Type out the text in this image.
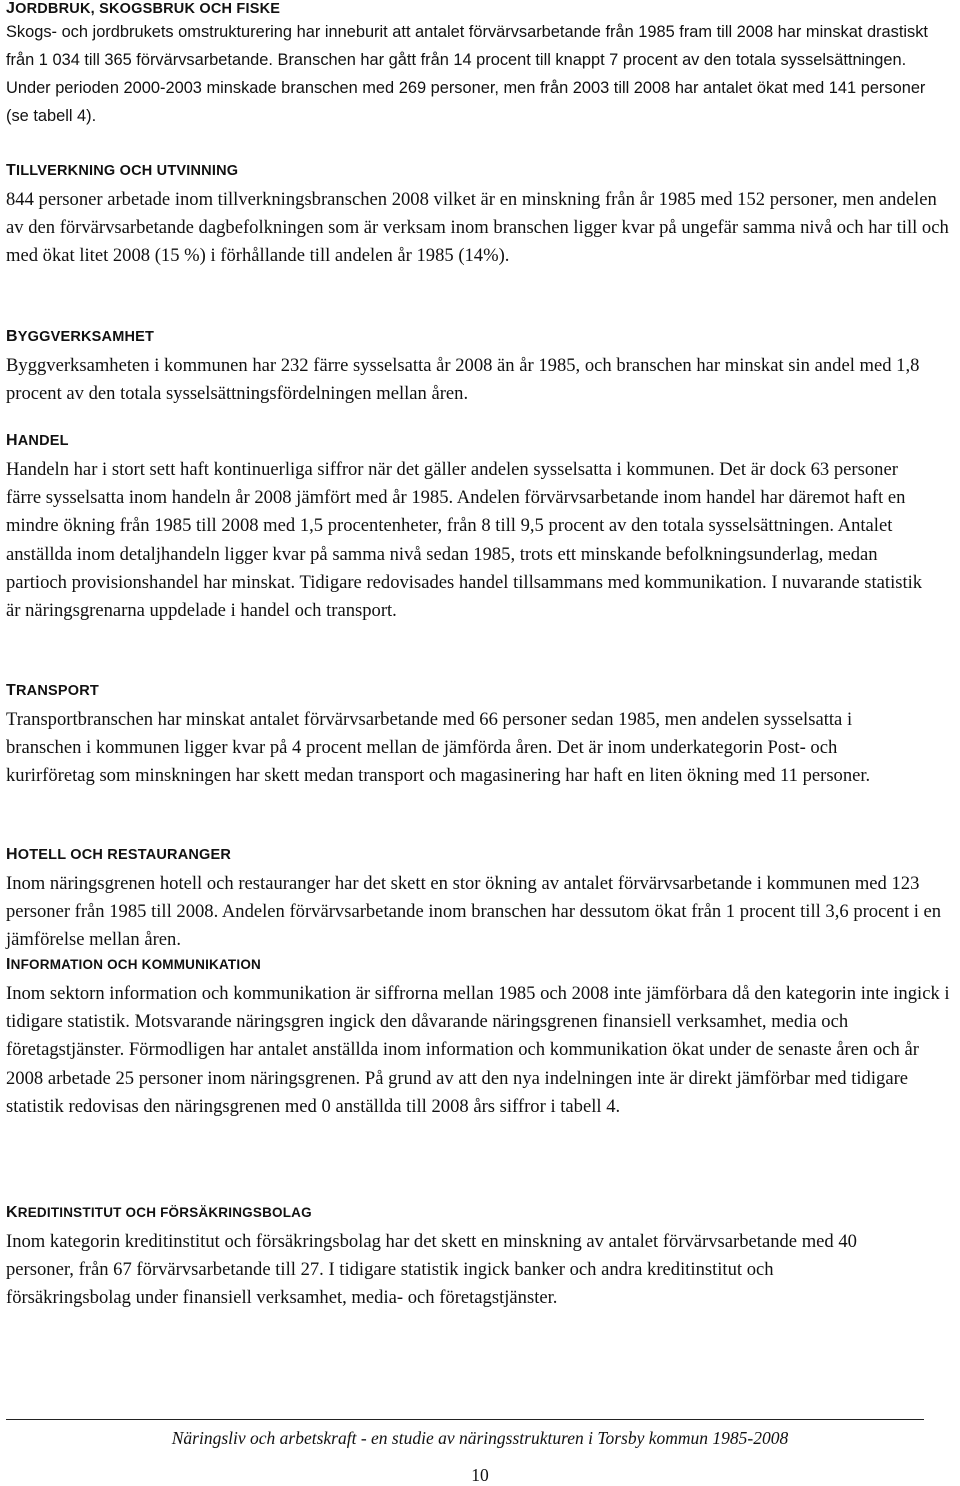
JORDBRUK, SKOGSBRUK OCH FISKE

Skogs- och jordbrukets omstrukturering har inneburit att antalet förvärvsarbetande från 1985 fram till 2008 har minskat drastiskt från 1 034 till 365 förvärvsarbetande. Branschen har gått från 14 procent till knappt 7 procent av den totala sysselsättningen. Under perioden 2000-2003 minskade branschen med 269 personer, men från 2003 till 2008 har antalet ökat med 141 personer (se tabell 4).

TILLVERKNING OCH UTVINNING

844 personer arbetade inom tillverkningsbranschen 2008 vilket är en minskning från år 1985 med 152 personer, men andelen av den förvärvsarbetande dagbefolkningen som är verksam inom branschen ligger kvar på ungefär samma nivå och har till och med ökat litet 2008 (15 %) i förhållande till andelen år 1985 (14%).

BYGGVERKSAMHET

Byggverksamheten i kommunen har 232 färre sysselsatta år 2008 än år 1985, och branschen har minskat sin andel med 1,8 procent av den totala sysselsättningsfördelningen mellan åren.

HANDEL

Handeln har i stort sett haft kontinuerliga siffror när det gäller andelen sysselsatta i kommunen. Det är dock 63 personer färre sysselsatta inom handeln år 2008 jämfört med år 1985. Andelen förvärvsarbetande inom handel har däremot haft en mindre ökning från 1985 till 2008 med 1,5 procentenheter, från 8 till 9,5 procent av den totala sysselsättningen. Antalet anställda inom detaljhandeln ligger kvar på samma nivå sedan 1985, trots ett minskande befolkningsunderlag, medan partioch provisionshandel har minskat. Tidigare redovisades handel tillsammans med kommunikation. I nuvarande statistik är näringsgrenarna uppdelade i handel och transport.

TRANSPORT

Transportbranschen har minskat antalet förvärvsarbetande med 66 personer sedan 1985, men andelen sysselsatta i branschen i kommunen ligger kvar på 4 procent mellan de jämförda åren. Det är inom underkategorin Post- och kurirföretag som minskningen har skett medan transport och magasinering har haft en liten ökning med 11 personer.

HOTELL OCH RESTAURANGER

Inom näringsgrenen hotell och restauranger har det skett en stor ökning av antalet förvärvsarbetande i kommunen med 123 personer från 1985 till 2008. Andelen förvärvsarbetande inom branschen har dessutom ökat från 1 procent till 3,6 procent i en jämförelse mellan åren.

INFORMATION OCH KOMMUNIKATION

Inom sektorn information och kommunikation är siffrorna mellan 1985 och 2008 inte jämförbara då den kategorin inte ingick i tidigare statistik. Motsvarande näringsgren ingick den dåvarande näringsgrenen finansiell verksamhet, media och företagstjänster. Förmodligen har antalet anställda inom information och kommunikation ökat under de senaste åren och år 2008 arbetade 25 personer inom näringsgrenen. På grund av att den nya indelningen inte är direkt jämförbar med tidigare statistik redovisas den näringsgrenen med 0 anställda till 2008 års siffror i tabell 4.

KREDITINSTITUT OCH FÖRSÄKRINGSBOLAG

Inom kategorin kreditinstitut och försäkringsbolag har det skett en minskning av antalet förvärvsarbetande med 40 personer, från 67 förvärvsarbetande till 27. I tidigare statistik ingick banker och andra kreditinstitut och försäkringsbolag under finansiell verksamhet, media- och företagstjänster.

Näringsliv och arbetskraft - en studie av näringsstrukturen i Torsby kommun 1985-2008
10
